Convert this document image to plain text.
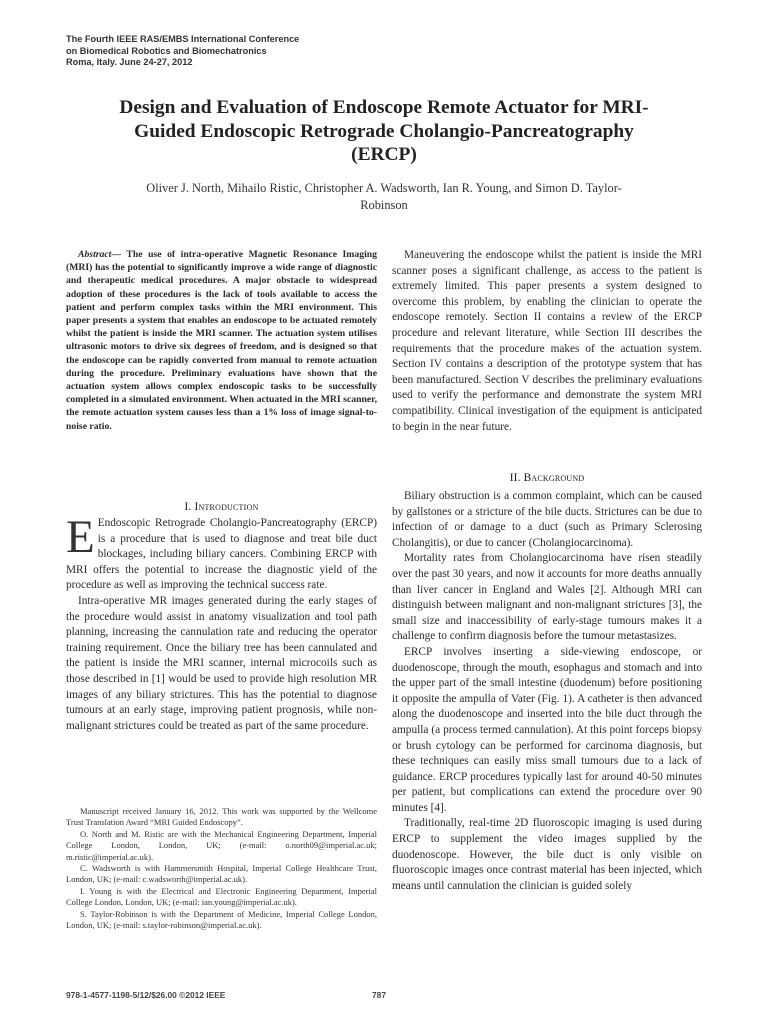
The Fourth IEEE RAS/EMBS International Conference
on Biomedical Robotics and Biomechatronics
Roma, Italy. June 24-27, 2012
Design and Evaluation of Endoscope Remote Actuator for MRI-
Guided Endoscopic Retrograde Cholangio-Pancreatography
(ERCP)
Oliver J. North, Mihailo Ristic, Christopher A. Wadsworth, Ian R. Young, and Simon D. Taylor-
Robinson
Abstract— The use of intra-operative Magnetic Resonance Imaging (MRI) has the potential to significantly improve a wide range of diagnostic and therapeutic medical procedures. A major obstacle to widespread adoption of these procedures is the lack of tools available to access the patient and perform complex tasks within the MRI environment. This paper presents a system that enables an endoscope to be actuated remotely whilst the patient is inside the MRI scanner. The actuation system utilises ultrasonic motors to drive six degrees of freedom, and is designed so that the endoscope can be rapidly converted from manual to remote actuation during the procedure. Preliminary evaluations have shown that the actuation system allows complex endoscopic tasks to be successfully completed in a simulated environment. When actuated in the MRI scanner, the remote actuation system causes less than a 1% loss of image signal-to-noise ratio.
I. Introduction

E Endoscopic Retrograde Cholangio-Pancreatography (ERCP) is a procedure that is used to diagnose and treat bile duct blockages, including biliary cancers. Combining ERCP with MRI offers the potential to increase the diagnostic yield of the procedure as well as improving the technical success rate.

Intra-operative MR images generated during the early stages of the procedure would assist in anatomy visualization and tool path planning, increasing the cannulation rate and reducing the operator training requirement. Once the biliary tree has been cannulated and the patient is inside the MRI scanner, internal microcoils such as those described in [1] would be used to provide high resolution MR images of any biliary strictures. This has the potential to diagnose tumours at an early stage, improving patient prognosis, while non-malignant strictures could be treated as part of the same procedure.

Manuscript received January 16, 2012. This work was supported by the Wellcome Trust Translation Award “MRI Guided Endoscopy”.

O. North and M. Ristic are with the Mechanical Engineering Department, Imperial College London, London, UK; (e-mail: o.north09@imperial.ac.uk; m.ristic@imperial.ac.uk).

C. Wadsworth is with Hammersmith Hospital, Imperial College Healthcare Trust, London, UK; (e-mail: c.wadsworth@imperial.ac.uk).

I. Young is with the Electrical and Electronic Engineering Department, Imperial College London, London, UK; (e-mail: ian.young@imperial.ac.uk).

S. Taylor-Robinson is with the Department of Medicine, Imperial College London, London, UK; (e-mail: s.taylor-robinson@imperial.ac.uk).

Maneuvering the endoscope whilst the patient is inside the MRI scanner poses a significant challenge, as access to the patient is extremely limited. This paper presents a system designed to overcome this problem, by enabling the clinician to operate the endoscope remotely. Section II contains a review of the ERCP procedure and relevant literature, while Section III describes the requirements that the procedure makes of the actuation system. Section IV contains a description of the prototype system that has been manufactured. Section V describes the preliminary evaluations used to verify the performance and demonstrate the system MRI compatibility. Clinical investigation of the equipment is anticipated to begin in the near future.

II. Background

Biliary obstruction is a common complaint, which can be caused by gallstones or a stricture of the bile ducts. Strictures can be due to infection of or damage to a duct (such as Primary Sclerosing Cholangitis), or due to cancer (Cholangiocarcinoma).

Mortality rates from Cholangiocarcinoma have risen steadily over the past 30 years, and now it accounts for more deaths annually than liver cancer in England and Wales [2]. Although MRI can distinguish between malignant and non-malignant strictures [3], the small size and inaccessibility of early-stage tumours makes it a challenge to confirm diagnosis before the tumour metastasizes.

ERCP involves inserting a side-viewing endoscope, or duodenoscope, through the mouth, esophagus and stomach and into the upper part of the small intestine (duodenum) before positioning it opposite the ampulla of Vater (Fig. 1). A catheter is then advanced along the duodenoscope and inserted into the bile duct through the ampulla (a process termed cannulation). At this point forceps biopsy or brush cytology can be performed for carcinoma diagnosis, but these techniques can easily miss small tumours due to a lack of guidance. ERCP procedures typically last for around 40-50 minutes per patient, but complications can extend the procedure over 90 minutes [4].

Traditionally, real-time 2D fluoroscopic imaging is used during ERCP to supplement the video images supplied by the duodenoscope. However, the bile duct is only visible on fluoroscopic images once contrast material has been injected, which means until cannulation the clinician is guided solely

978-1-4577-1198-5/12/$26.00 ©2012 IEEE	787
